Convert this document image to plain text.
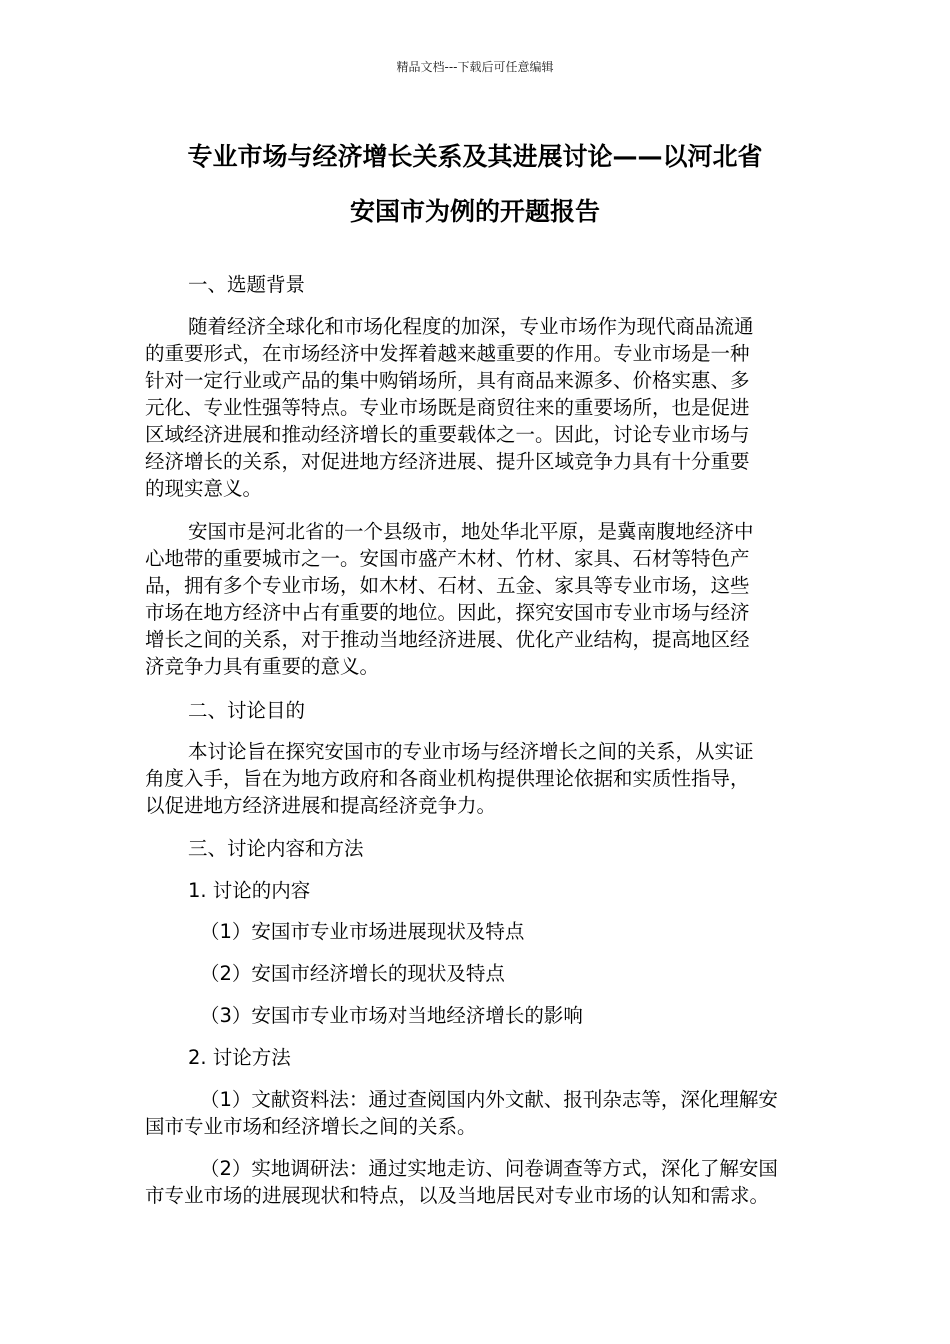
精品文档---下载后可任意编辑
专业市场与经济增长关系及其进展讨论——以河北省
安国市为例的开题报告
一、选题背景
随着经济全球化和市场化程度的加深，专业市场作为现代商品流通
的重要形式，在市场经济中发挥着越来越重要的作用。专业市场是一种
针对一定行业或产品的集中购销场所，具有商品来源多、价格实惠、多
元化、专业性强等特点。专业市场既是商贸往来的重要场所，也是促进
区域经济进展和推动经济增长的重要载体之一。因此，讨论专业市场与
经济增长的关系，对促进地方经济进展、提升区域竞争力具有十分重要
的现实意义。
安国市是河北省的一个县级市，地处华北平原，是冀南腹地经济中
心地带的重要城市之一。安国市盛产木材、竹材、家具、石材等特色产
品，拥有多个专业市场，如木材、石材、五金、家具等专业市场，这些
市场在地方经济中占有重要的地位。因此，探究安国市专业市场与经济
增长之间的关系，对于推动当地经济进展、优化产业结构，提高地区经
济竞争力具有重要的意义。
二、讨论目的
本讨论旨在探究安国市的专业市场与经济增长之间的关系，从实证
角度入手，旨在为地方政府和各商业机构提供理论依据和实质性指导，
以促进地方经济进展和提高经济竞争力。
三、讨论内容和方法
1. 讨论的内容
（1）安国市专业市场进展现状及特点
（2）安国市经济增长的现状及特点
（3）安国市专业市场对当地经济增长的影响
2. 讨论方法
（1）文献资料法：通过查阅国内外文献、报刊杂志等，深化理解安
国市专业市场和经济增长之间的关系。
（2）实地调研法：通过实地走访、问卷调查等方式，深化了解安国
市专业市场的进展现状和特点，以及当地居民对专业市场的认知和需求。
